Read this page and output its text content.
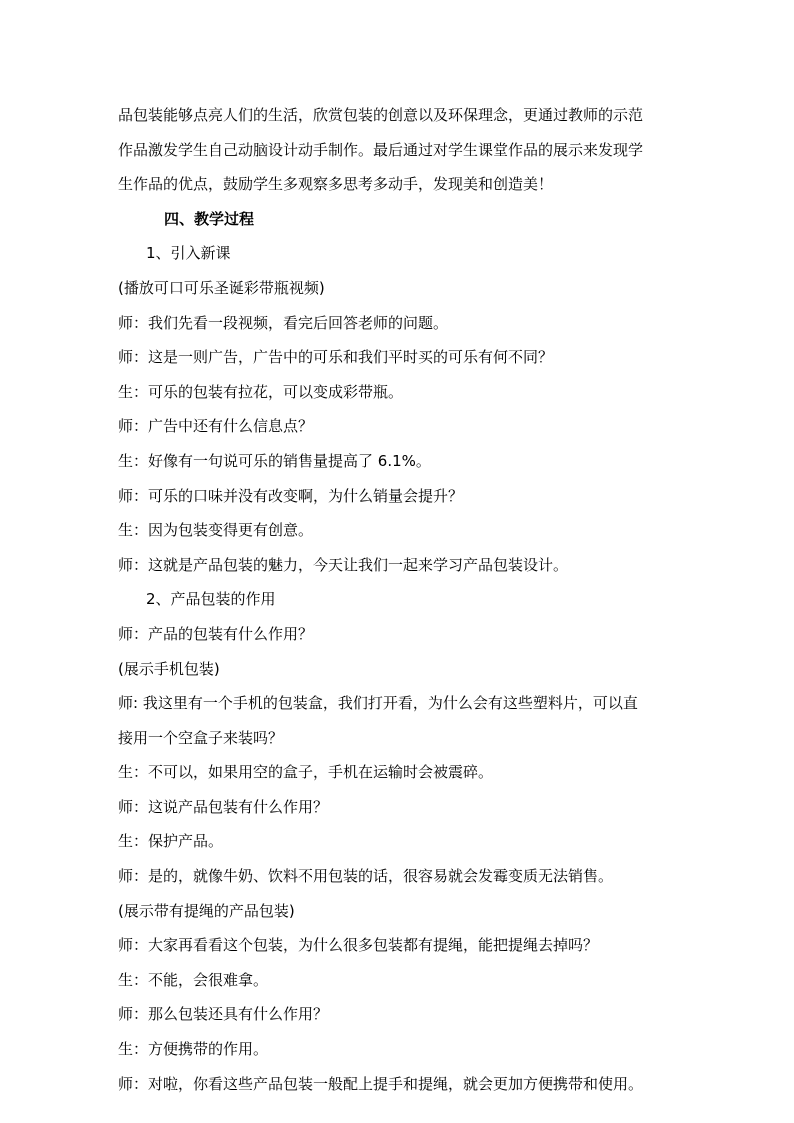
品包装能够点亮人们的生活，欣赏包装的创意以及环保理念，更通过教师的示范
作品激发学生自己动脑设计动手制作。最后通过对学生课堂作品的展示来发现学
生作品的优点，鼓励学生多观察多思考多动手，发现美和创造美！
四、教学过程
1、引入新课
(播放可口可乐圣诞彩带瓶视频)
师：我们先看一段视频，看完后回答老师的问题。
师：这是一则广告，广告中的可乐和我们平时买的可乐有何不同？
生：可乐的包装有拉花，可以变成彩带瓶。
师：广告中还有什么信息点？
生：好像有一句说可乐的销售量提高了 6.1%。
师：可乐的口味并没有改变啊，为什么销量会提升？
生：因为包装变得更有创意。
师：这就是产品包装的魅力，今天让我们一起来学习产品包装设计。
2、产品包装的作用
师：产品的包装有什么作用？
(展示手机包装)
师: 我这里有一个手机的包装盒，我们打开看，为什么会有这些塑料片，可以直
接用一个空盒子来装吗？
生：不可以，如果用空的盒子，手机在运输时会被震碎。
师：这说产品包装有什么作用？
生：保护产品。
师：是的，就像牛奶、饮料不用包装的话，很容易就会发霉变质无法销售。
(展示带有提绳的产品包装)
师：大家再看看这个包装，为什么很多包装都有提绳，能把提绳去掉吗？
生：不能，会很难拿。
师：那么包装还具有什么作用？
生：方便携带的作用。
师：对啦，你看这些产品包装一般配上提手和提绳，就会更加方便携带和使用。
